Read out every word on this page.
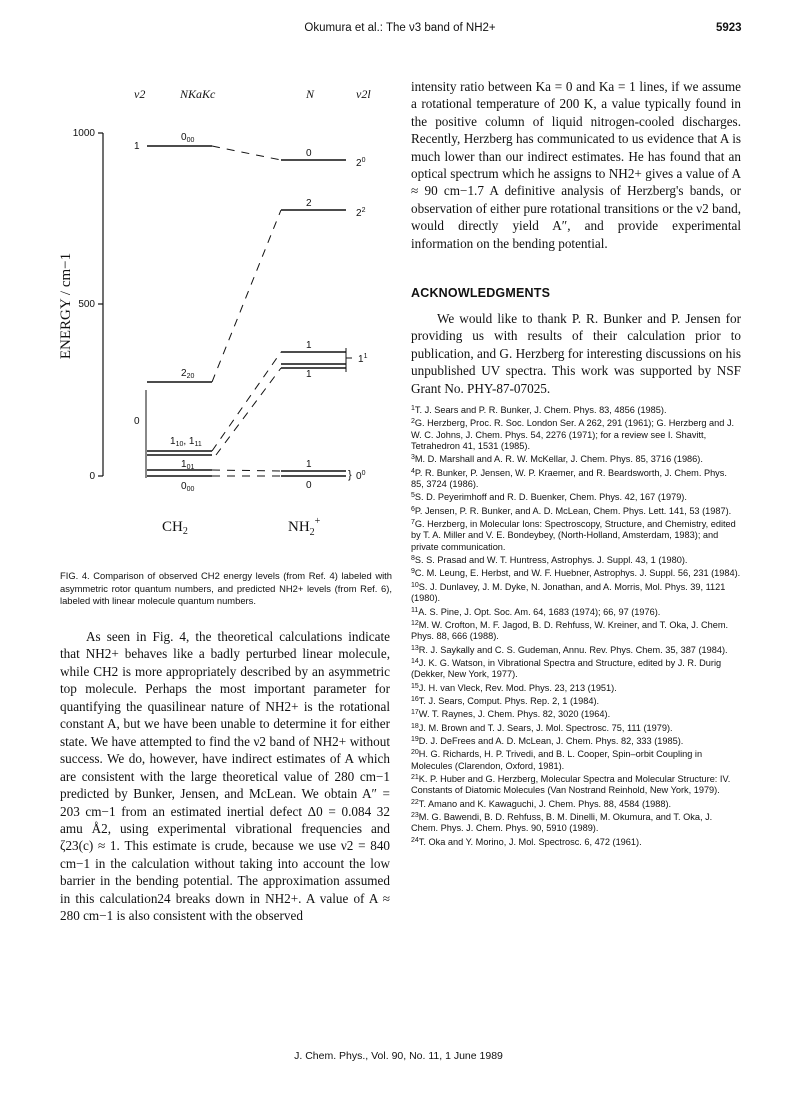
Okumura et al.: The ν3 band of NH2+	5923
ν2	NKaKc	N	ν2l
1000
500
0
ENERGY / cm−1
1
0
$0_{00}$
$2_{20}$
$1_{10}$, $1_{11}$
$1_{01}$
$0_{00}$
0
2
1
1
1
0
$2^0$
$2^2$
$1^1$
} $0^0$
$CH_2$	$NH_2^+$
FIG. 4. Comparison of observed CH2 energy levels (from Ref. 4) labeled with asymmetric rotor quantum numbers, and predicted NH2+ levels (from Ref. 6), labeled with linear molecule quantum numbers.

As seen in Fig. 4, the theoretical calculations indicate that NH2+ behaves like a badly perturbed linear molecule, while CH2 is more appropriately described by an asymmetric top molecule. Perhaps the most important parameter for quantifying the quasilinear nature of NH2+ is the rotational constant A, but we have been unable to determine it for either state. We have attempted to find the ν2 band of NH2+ without success. We do, however, have indirect estimates of A which are consistent with the large theoretical value of 280 cm−1 predicted by Bunker, Jensen, and McLean. We obtain A″ = 203 cm−1 from an estimated inertial defect Δ0 = 0.084 32 amu Å2, using experimental vibrational frequencies and ζ23(c) ≈ 1. This estimate is crude, because we use ν2 = 840 cm−1 in the calculation without taking into account the low barrier in the bending potential. The approximation assumed in this calculation24 breaks down in NH2+. A value of A ≈ 280 cm−1 is also consistent with the observed

intensity ratio between Ka = 0 and Ka = 1 lines, if we assume a rotational temperature of 200 K, a value typically found in the positive column of liquid nitrogen-cooled discharges. Recently, Herzberg has communicated to us evidence that A is much lower than our indirect estimates. He has found that an optical spectrum which he assigns to NH2+ gives a value of A ≈ 90 cm−1.7 A definitive analysis of Herzberg's bands, or observation of either pure rotational transitions or the ν2 band, would directly yield A″, and provide experimental information on the bending potential.

ACKNOWLEDGMENTS

We would like to thank P. R. Bunker and P. Jensen for providing us with results of their calculation prior to publication, and G. Herzberg for interesting discussions on his unpublished UV spectra. This work was supported by NSF Grant No. PHY-87-07025.

$^1$T. J. Sears and P. R. Bunker, J. Chem. Phys. 83, 4856 (1985).
$^2$G. Herzberg, Proc. R. Soc. London Ser. A 262, 291 (1961); G. Herzberg and J. W. C. Johns, J. Chem. Phys. 54, 2276 (1971); for a review see I. Shavitt, Tetrahedron 41, 1531 (1985).
$^3$M. D. Marshall and A. R. W. McKellar, J. Chem. Phys. 85, 3716 (1986).
$^4$P. R. Bunker, P. Jensen, W. P. Kraemer, and R. Beardsworth, J. Chem. Phys. 85, 3724 (1986).
$^5$S. D. Peyerimhoff and R. D. Buenker, Chem. Phys. 42, 167 (1979).
$^6$P. Jensen, P. R. Bunker, and A. D. McLean, Chem. Phys. Lett. 141, 53 (1987).
$^7$G. Herzberg, in Molecular Ions: Spectroscopy, Structure, and Chemistry, edited by T. A. Miller and V. E. Bondeybey, (North-Holland, Amsterdam, 1983); and private communication.
$^8$S. S. Prasad and W. T. Huntress, Astrophys. J. Suppl. 43, 1 (1980).
$^9$C. M. Leung, E. Herbst, and W. F. Huebner, Astrophys. J. Suppl. 56, 231 (1984).
$^{10}$S. J. Dunlavey, J. M. Dyke, N. Jonathan, and A. Morris, Mol. Phys. 39, 1121 (1980).
$^{11}$A. S. Pine, J. Opt. Soc. Am. 64, 1683 (1974); 66, 97 (1976).
$^{12}$M. W. Crofton, M. F. Jagod, B. D. Rehfuss, W. Kreiner, and T. Oka, J. Chem. Phys. 88, 666 (1988).
$^{13}$R. J. Saykally and C. S. Gudeman, Annu. Rev. Phys. Chem. 35, 387 (1984).
$^{14}$J. K. G. Watson, in Vibrational Spectra and Structure, edited by J. R. Durig (Dekker, New York, 1977).
$^{15}$J. H. van Vleck, Rev. Mod. Phys. 23, 213 (1951).
$^{16}$T. J. Sears, Comput. Phys. Rep. 2, 1 (1984).
$^{17}$W. T. Raynes, J. Chem. Phys. 82, 3020 (1964).
$^{18}$J. M. Brown and T. J. Sears, J. Mol. Spectrosc. 75, 111 (1979).
$^{19}$D. J. DeFrees and A. D. McLean, J. Chem. Phys. 82, 333 (1985).
$^{20}$H. G. Richards, H. P. Trivedi, and B. L. Cooper, Spin–orbit Coupling in Molecules (Clarendon, Oxford, 1981).
$^{21}$K. P. Huber and G. Herzberg, Molecular Spectra and Molecular Structure: IV. Constants of Diatomic Molecules (Van Nostrand Reinhold, New York, 1979).
$^{22}$T. Amano and K. Kawaguchi, J. Chem. Phys. 88, 4584 (1988).
$^{23}$M. G. Bawendi, B. D. Rehfuss, B. M. Dinelli, M. Okumura, and T. Oka, J. Chem. Phys. J. Chem. Phys. 90, 5910 (1989).
$^{24}$T. Oka and Y. Morino, J. Mol. Spectrosc. 6, 472 (1961).
J. Chem. Phys., Vol. 90, No. 11, 1 June 1989
